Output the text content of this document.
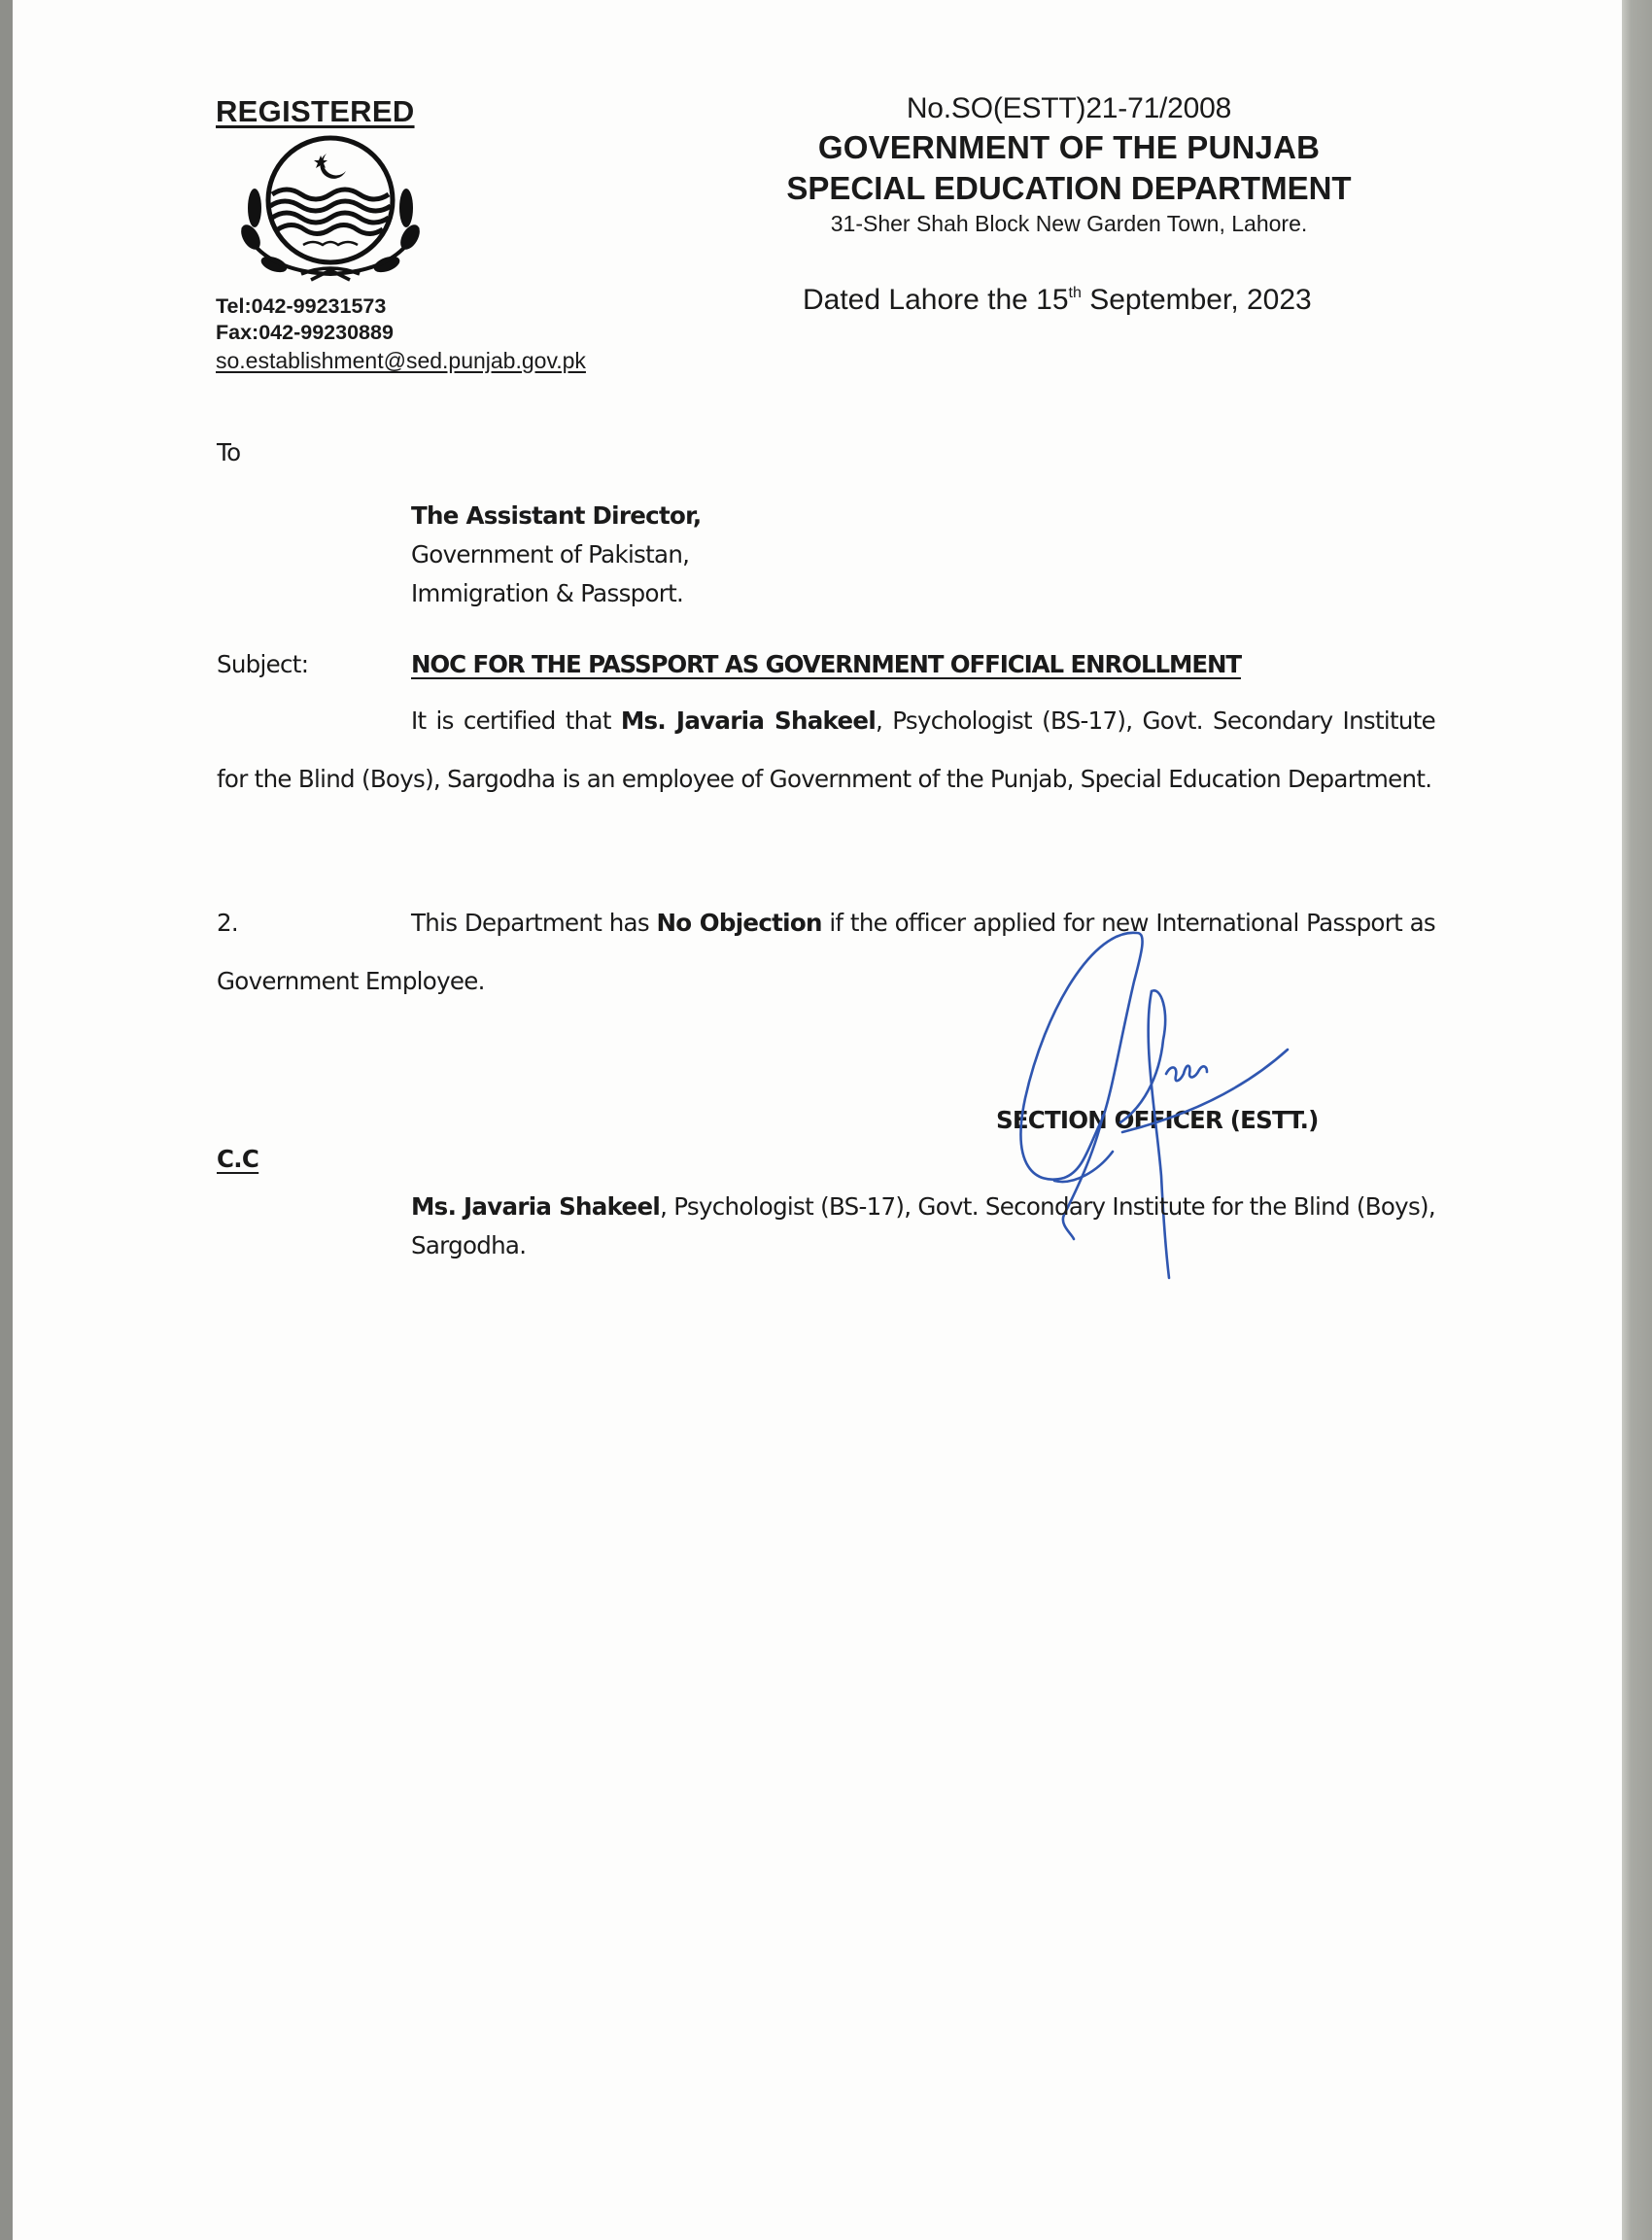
REGISTERED
Tel:042-99231573
Fax:042-99230889
so.establishment@sed.punjab.gov.pk
No.SO(ESTT)21-71/2008
GOVERNMENT OF THE PUNJAB
SPECIAL EDUCATION DEPARTMENT
31-Sher Shah Block New Garden Town, Lahore.
Dated Lahore the 15th September, 2023
To
The Assistant Director,
Government of Pakistan,
Immigration & Passport.
Subject:	NOC FOR THE PASSPORT AS GOVERNMENT OFFICIAL ENROLLMENT
It is certified that Ms. Javaria Shakeel, Psychologist (BS-17), Govt. Secondary Institute for the Blind (Boys), Sargodha is an employee of Government of the Punjab, Special Education Department.
2.	This Department has No Objection if the officer applied for new International Passport as Government Employee.
SECTION OFFICER (ESTT.)
C.C
Ms. Javaria Shakeel, Psychologist (BS-17), Govt. Secondary Institute for the Blind (Boys), Sargodha.
